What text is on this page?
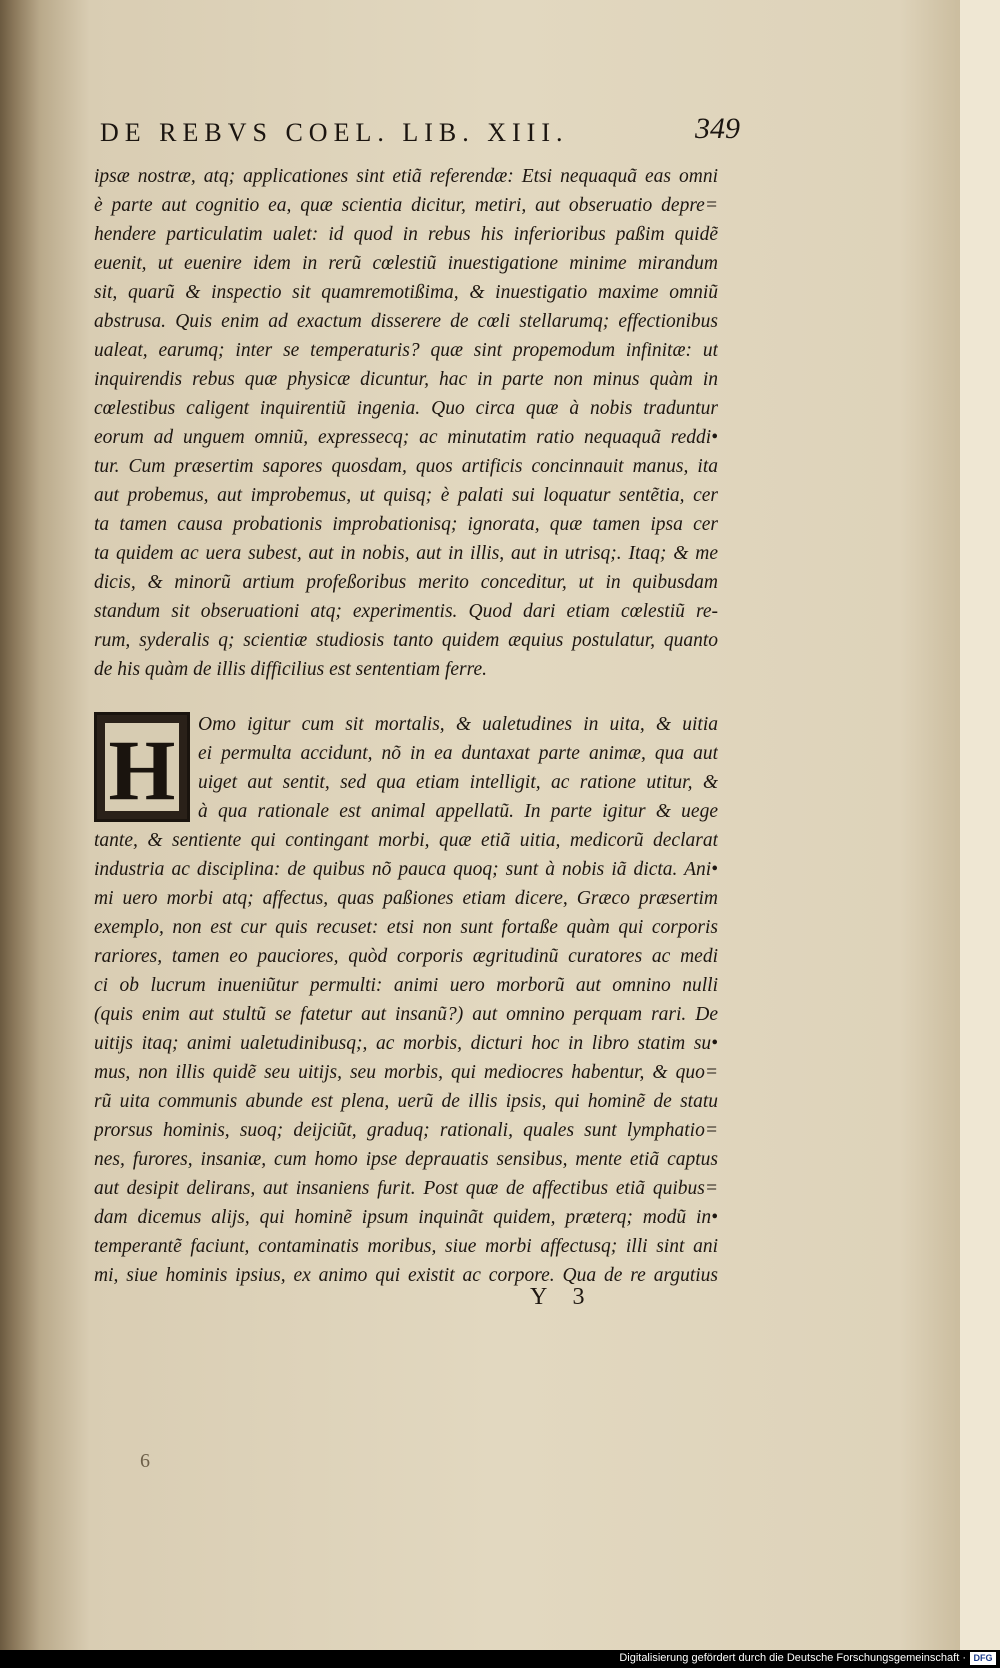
DE REBVS COEL. LIB. XIII.	349
ipsæ nostræ, atq; applicationes sint etiã referendæ: Etsi nequaquã eas omni
è parte aut cognitio ea, quæ scientia dicitur, metiri, aut obseruatio depre=
hendere particulatim ualet: id quod in rebus his inferioribus paßim quidẽ
euenit, ut euenire idem in rerũ cœlestiũ inuestigatione minime mirandum
sit, quarũ & inspectio sit quamremotißima, & inuestigatio maxime omniũ
abstrusa. Quis enim ad exactum disserere de cœli stellarumq; effectionibus
ualeat, earumq; inter se temperaturis? quæ sint propemodum infinitæ: ut
inquirendis rebus quæ physicæ dicuntur, hac in parte non minus quàm in
cœlestibus caligent inquirentiũ ingenia. Quo circa quæ à nobis traduntur
eorum ad unguem omniũ, expressecq; ac minutatim ratio nequaquã reddi•
tur. Cum præsertim sapores quosdam, quos artificis concinnauit manus, ita
aut probemus, aut improbemus, ut quisq; è palati sui loquatur sentẽtia, cer
ta tamen causa probationis improbationisq; ignorata, quæ tamen ipsa cer
ta quidem ac uera subest, aut in nobis, aut in illis, aut in utrisq;. Itaq; & me
dicis, & minorũ artium profeßoribus merito conceditur, ut in quibusdam
standum sit obseruationi atq; experimentis. Quod dari etiam cœlestiũ re-
rum, syderalis q; scientiæ studiosis tanto quidem æquius postulatur, quanto
de his quàm de illis difficilius est sententiam ferre.
H	Omo igitur cum sit mortalis, & ualetudines in uita, & uitia
ei permulta accidunt, nõ in ea duntaxat parte animæ, qua aut
uiget aut sentit, sed qua etiam intelligit, ac ratione utitur, &
à qua rationale est animal appellatũ. In parte igitur & uege
tante, & sentiente qui contingant morbi, quæ etiã uitia, medicorũ declarat
industria ac disciplina: de quibus nõ pauca quoq; sunt à nobis iã dicta. Ani•
mi uero morbi atq; affectus, quas paßiones etiam dicere, Græco præsertim
exemplo, non est cur quis recuset: etsi non sunt fortaße quàm qui corporis
rariores, tamen eo pauciores, quòd corporis ægritudinũ curatores ac medi
ci ob lucrum inueniũtur permulti: animi uero morborũ aut omnino nulli
(quis enim aut stultũ se fatetur aut insanũ?) aut omnino perquam rari. De
uitijs itaq; animi ualetudinibusq;, ac morbis, dicturi hoc in libro statim su•
mus, non illis quidẽ seu uitijs, seu morbis, qui mediocres habentur, & quo=
rũ uita communis abunde est plena, uerũ de illis ipsis, qui hominẽ de statu
prorsus hominis, suoq; deijciũt, graduq; rationali, quales sunt lymphatio=
nes, furores, insaniæ, cum homo ipse deprauatis sensibus, mente etiã captus
aut desipit delirans, aut insaniens furit. Post quæ de affectibus etiã quibus=
dam dicemus alijs, qui hominẽ ipsum inquinãt quidem, præterq; modũ in•
temperantẽ faciunt, contaminatis moribus, siue morbi affectusq; illi sint ani
mi, siue hominis ipsius, ex animo qui existit ac corpore. Qua de re argutius
Y 3
6
Digitalisierung gefördert durch die Deutsche Forschungsgemeinschaft · DFG
